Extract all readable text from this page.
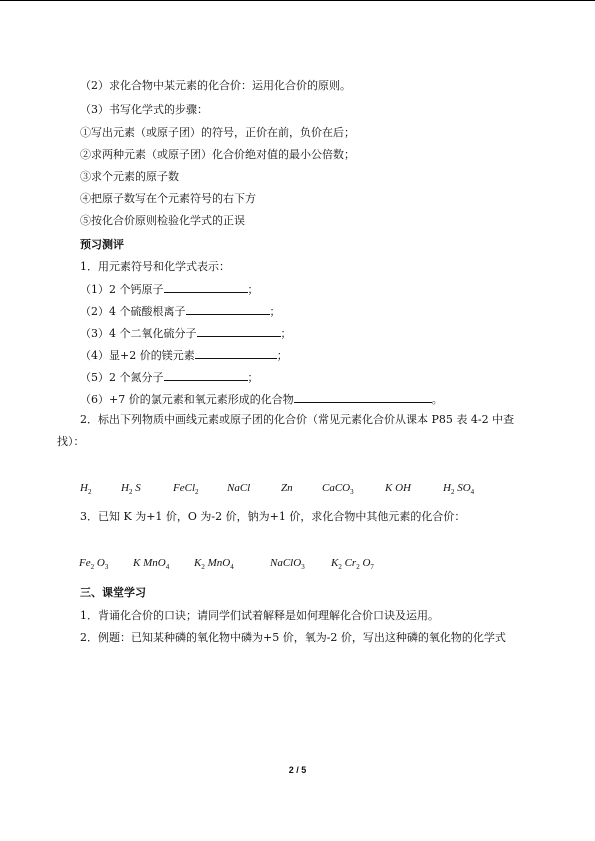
（2）求化合物中某元素的化合价：运用化合价的原则。
（3）书写化学式的步骤：
①写出元素（或原子团）的符号，正价在前，负价在后；
②求两种元素（或原子团）化合价绝对值的最小公倍数；
③求个元素的原子数
④把原子数写在个元素符号的右下方
⑤按化合价原则检验化学式的正误
预习测评
1．用元素符号和化学式表示：
（1）2 个钙原子	；
（2）4 个硫酸根离子	；
（3）4 个二氧化硫分子	；
（4）显+2 价的镁元素	；
（5）2 个氮分子	；
（6）+7 价的氯元素和氧元素形成的化合物	。
2．标出下列物质中画线元素或原子团的化合价（常见元素化合价从课本 P85 表 4-2 中查
找）：
$H_2$	$H_2$ S	FeCl$_2$	NaCl	Zn	CaCO$_3$	K OH	$H_2$ $SO_4$
3．已知 K 为+1 价，O 为-2 价，钠为+1 价，求化合物中其他元素的化合价：
$Fe_2$ $O_3$ K MnO$_4$ $K_2$ MnO$_4$	NaClO$_3$ $K_2$ $Cr_2$ $O_7$
三、课堂学习
1．背诵化合价的口诀；请同学们试着解释是如何理解化合价口诀及运用。
2．例题：已知某种磷的氧化物中磷为+5 价，氧为-2 价，写出这种磷的氧化物的化学式
2 / 5
